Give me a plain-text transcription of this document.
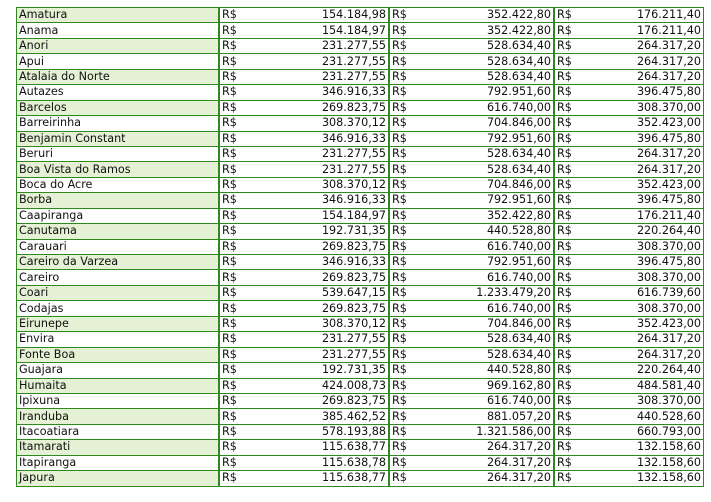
Amatura	R$	154.184,98	R$	352.422,80	R$	176.211,40
Anama	R$	154.184,97	R$	352.422,80	R$	176.211,40
Anori	R$	231.277,55	R$	528.634,40	R$	264.317,20
Apui	R$	231.277,55	R$	528.634,40	R$	264.317,20
Atalaia do Norte	R$	231.277,55	R$	528.634,40	R$	264.317,20
Autazes	R$	346.916,33	R$	792.951,60	R$	396.475,80
Barcelos	R$	269.823,75	R$	616.740,00	R$	308.370,00
Barreirinha	R$	308.370,12	R$	704.846,00	R$	352.423,00
Benjamin Constant	R$	346.916,33	R$	792.951,60	R$	396.475,80
Beruri	R$	231.277,55	R$	528.634,40	R$	264.317,20
Boa Vista do Ramos	R$	231.277,55	R$	528.634,40	R$	264.317,20
Boca do Acre	R$	308.370,12	R$	704.846,00	R$	352.423,00
Borba	R$	346.916,33	R$	792.951,60	R$	396.475,80
Caapiranga	R$	154.184,97	R$	352.422,80	R$	176.211,40
Canutama	R$	192.731,35	R$	440.528,80	R$	220.264,40
Carauari	R$	269.823,75	R$	616.740,00	R$	308.370,00
Careiro da Varzea	R$	346.916,33	R$	792.951,60	R$	396.475,80
Careiro	R$	269.823,75	R$	616.740,00	R$	308.370,00
Coari	R$	539.647,15	R$	1.233.479,20	R$	616.739,60
Codajas	R$	269.823,75	R$	616.740,00	R$	308.370,00
Eirunepe	R$	308.370,12	R$	704.846,00	R$	352.423,00
Envira	R$	231.277,55	R$	528.634,40	R$	264.317,20
Fonte Boa	R$	231.277,55	R$	528.634,40	R$	264.317,20
Guajara	R$	192.731,35	R$	440.528,80	R$	220.264,40
Humaita	R$	424.008,73	R$	969.162,80	R$	484.581,40
Ipixuna	R$	269.823,75	R$	616.740,00	R$	308.370,00
Iranduba	R$	385.462,52	R$	881.057,20	R$	440.528,60
Itacoatiara	R$	578.193,88	R$	1.321.586,00	R$	660.793,00
Itamarati	R$	115.638,77	R$	264.317,20	R$	132.158,60
Itapiranga	R$	115.638,78	R$	264.317,20	R$	132.158,60
Japura	R$	115.638,77	R$	264.317,20	R$	132.158,60
